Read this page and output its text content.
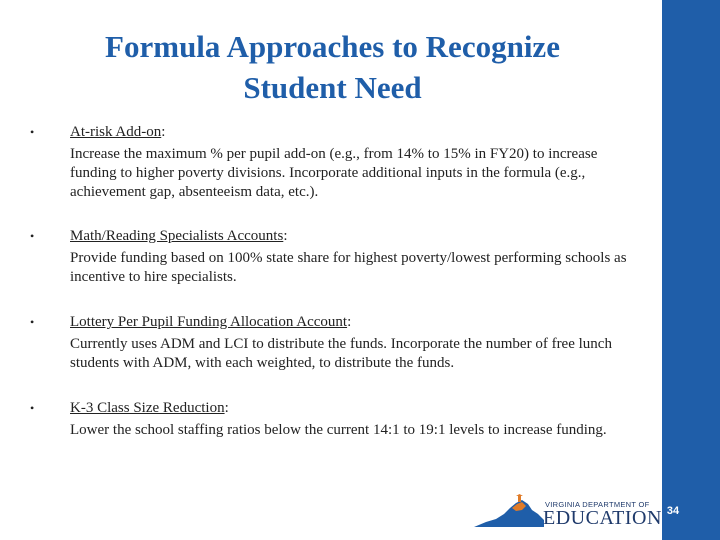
34
Formula Approaches to Recognize
Student Need
• At-risk Add-on:
Increase the maximum % per pupil add-on (e.g., from 14% to 15% in FY20) to increase funding to higher poverty divisions. Incorporate additional inputs in the formula (e.g., achievement gap, absenteeism data, etc.).
• Math/Reading Specialists Accounts:
Provide funding based on 100% state share for highest poverty/lowest performing schools as incentive to hire specialists.
• Lottery Per Pupil Funding Allocation Account:
Currently uses ADM and LCI to distribute the funds. Incorporate the number of free lunch students with ADM, with each weighted, to distribute the funds.
• K-3 Class Size Reduction:
Lower the school staffing ratios below the current 14:1 to 19:1 levels to increase funding.
VIRGINIA DEPARTMENT OF
EDUCATION
